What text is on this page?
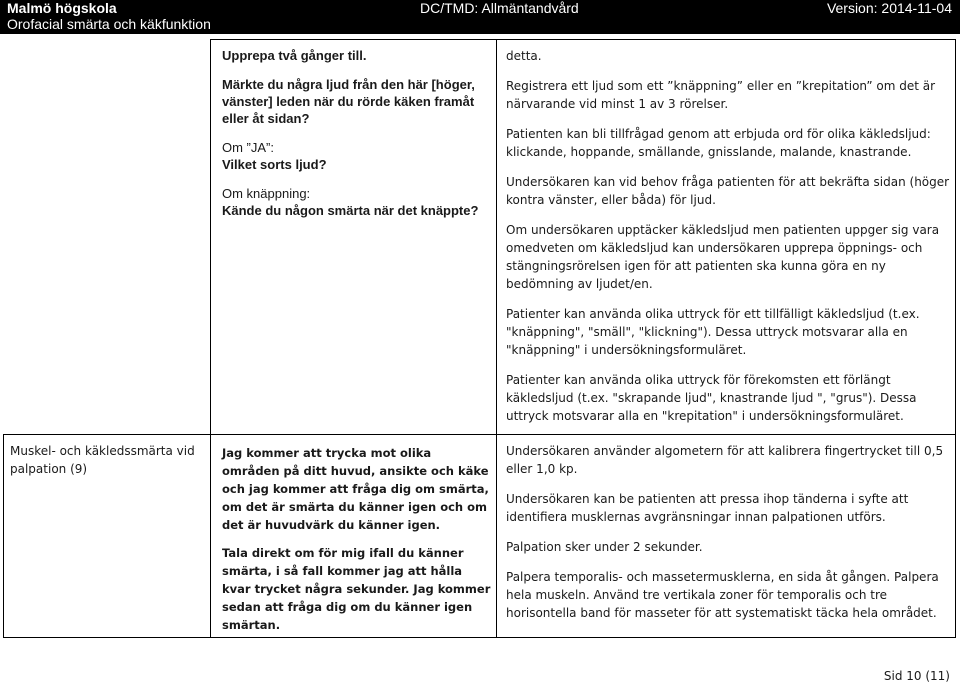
Malmö högskola
Orofacial smärta och käkfunktion
DC/TMD: Allmäntandvård	Version: 2014-11-04

Upprepa två gånger till.

Märkte du några ljud från den här [höger, vänster] leden när du rörde käken framåt eller åt sidan?

Om ”JA”:

Vilket sorts ljud?

Om knäppning:
Kände du någon smärta när det knäppte?

detta.

Registrera ett ljud som ett ”knäppning” eller en ”krepitation” om det är närvarande vid minst 1 av 3 rörelser.

Patienten kan bli tillfrågad genom att erbjuda ord för olika käkledsljud: klickande, hoppande, smällande, gnisslande, malande, knastrande.

Undersökaren kan vid behov fråga patienten för att bekräfta sidan (höger kontra vänster, eller båda) för ljud.

Om undersökaren upptäcker käkledsljud men patienten uppger sig vara omedveten om käkledsljud kan undersökaren upprepa öppnings- och stängningsrörelsen igen för att patienten ska kunna göra en ny bedömning av ljudet/en.

Patienter kan använda olika uttryck för ett tillfälligt käkledsljud (t.ex. "knäppning", "smäll", "klickning"). Dessa uttryck motsvarar alla en "knäppning" i undersökningsformuläret.

Patienter kan använda olika uttryck för förekomsten ett förlängt käkledsljud (t.ex. "skrapande ljud", knastrande ljud ", "grus"). Dessa uttryck motsvarar alla en "krepitation" i undersökningsformuläret.

Muskel- och käkledssmärta vid palpation (9)

Jag kommer att trycka mot olika områden på ditt huvud, ansikte och käke och jag kommer att fråga dig om smärta, om det är smärta du känner igen och om det är huvudvärk du känner igen.

Tala direkt om för mig ifall du känner smärta, i så fall kommer jag att hålla kvar trycket några sekunder. Jag kommer sedan att fråga dig om du känner igen smärtan.

Undersökaren använder algometern för att kalibrera fingertrycket till 0,5 eller 1,0 kp.

Undersökaren kan be patienten att pressa ihop tänderna i syfte att identifiera musklernas avgränsningar innan palpationen utförs.

Palpation sker under 2 sekunder.

Palpera temporalis- och massetermusklerna, en sida åt gången. Palpera hela muskeln. Använd tre vertikala zoner för temporalis och tre horisontella band för masseter för att systematiskt täcka hela området.

Sid 10 (11)
